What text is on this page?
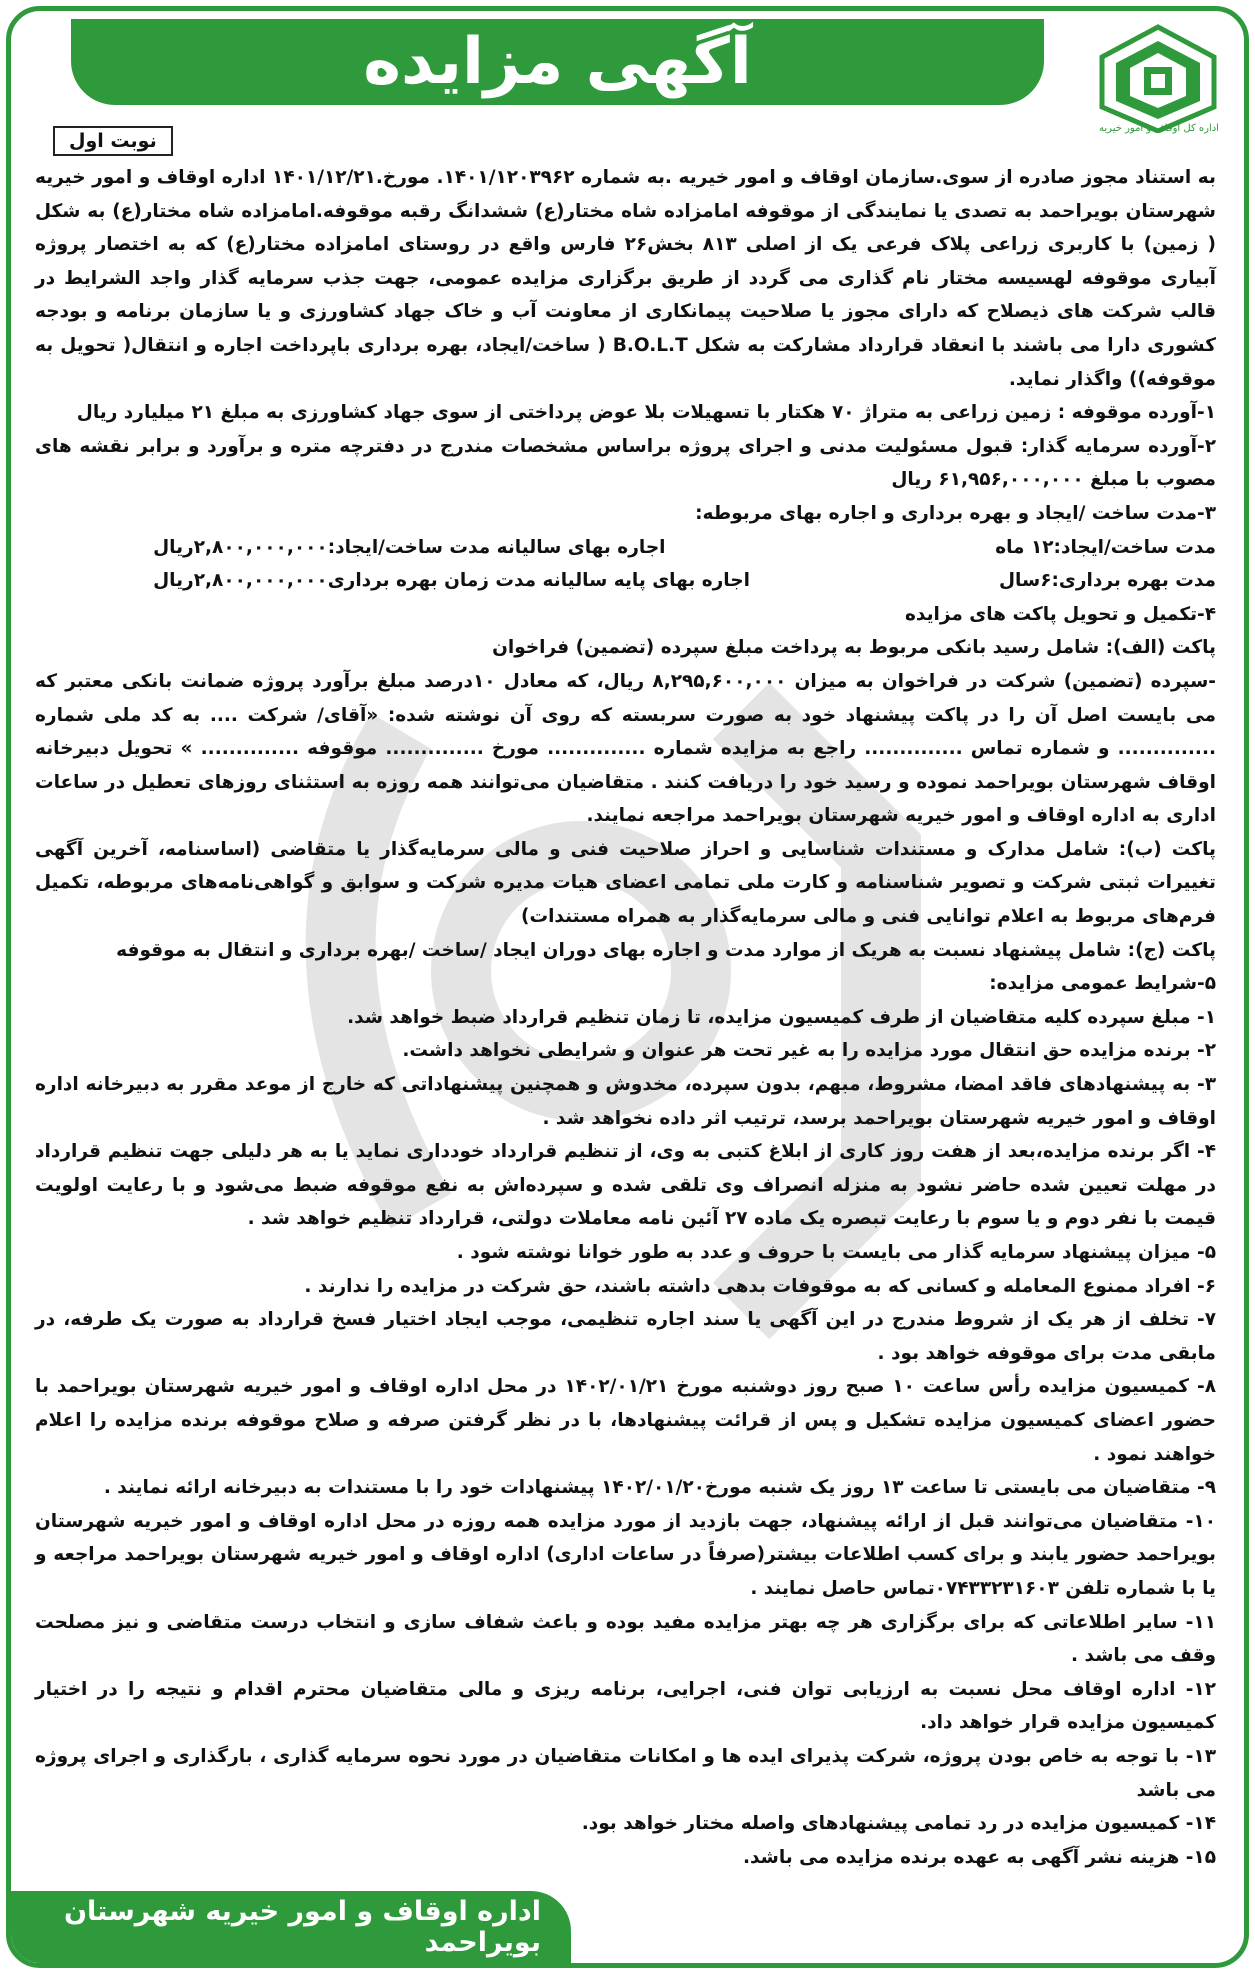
آگهی مزایده
اداره کل اوقاف و امور خیریه
نوبت اول

به استناد مجوز صادره از سوی.سازمان اوقاف و امور خیریه .به شماره ۱۴۰۱/۱۲۰۳۹۶۲. مورخ.۱۴۰۱/۱۲/۲۱ اداره اوقاف و امور خیریه شهرستان بویراحمد به تصدی یا نمایندگی از موقوفه امامزاده شاه مختار(ع) ششدانگ رقبه موقوفه.امامزاده شاه مختار(ع) به شکل ( زمین) با کاربری زراعی پلاک فرعی یک از اصلی ۸۱۳ بخش۲۶ فارس واقع در روستای امامزاده مختار(ع) که به اختصار پروژه آبیاری موقوفه لهسیسه مختار نام گذاری می گردد از طریق برگزاری مزایده عمومی، جهت جذب سرمایه گذار واجد الشرایط در قالب شرکت های ذیصلاح که دارای مجوز یا صلاحیت پیمانکاری از معاونت آب و خاک جهاد کشاورزی و یا سازمان برنامه و بودجه کشوری دارا می باشند با انعقاد قرارداد مشارکت به شکل B.O.L.T ( ساخت/ایجاد، بهره برداری باپرداخت اجاره و انتقال( تحویل به موقوفه)) واگذار نماید.

۱-آورده موقوفه : زمین زراعی به متراژ ۷۰ هکتار با تسهیلات بلا عوض پرداختی از سوی جهاد کشاورزی به مبلغ ۲۱ میلیارد ریال

۲-آورده سرمایه گذار: قبول مسئولیت مدنی و اجرای پروژه براساس مشخصات مندرج در دفترچه متره و برآورد و برابر نقشه های مصوب با مبلغ ۶۱,۹۵۶,۰۰۰,۰۰۰ ریال

۳-مدت ساخت /ایجاد و بهره برداری و اجاره بهای مربوطه:

مدت ساخت/ایجاد:۱۲ ماه
اجاره بهای سالیانه مدت ساخت/ایجاد:۲,۸۰۰,۰۰۰,۰۰۰ریال
مدت بهره برداری:۶سال
اجاره بهای پایه سالیانه مدت زمان بهره برداری۲,۸۰۰,۰۰۰,۰۰۰ریال

۴-تکمیل و تحویل پاکت های مزایده

پاکت (الف): شامل رسید بانکی مربوط به پرداخت مبلغ سپرده (تضمین) فراخوان

-سپرده (تضمین) شرکت در فراخوان به میزان ۸,۲۹۵,۶۰۰,۰۰۰ ریال، که معادل ۱۰درصد مبلغ برآورد پروژه ضمانت بانکی معتبر که می بایست اصل آن را در پاکت پیشنهاد خود به صورت سربسته که روی آن نوشته شده: «آقای/ شرکت .... به کد ملی شماره .............. و شماره تماس .............. راجع به مزایده شماره .............. مورخ .............. موقوفه .............. » تحویل دبیرخانه اوقاف شهرستان بویراحمد نموده و رسید خود را دریافت کنند . متقاضیان می‌توانند همه روزه به استثنای روزهای تعطیل در ساعات اداری به اداره اوقاف و امور خیریه شهرستان بویراحمد مراجعه نمایند.

پاکت (ب): شامل مدارک و مستندات شناسایی و احراز صلاحیت فنی و مالی سرمایه‌گذار یا متقاضی (اساسنامه، آخرین آگهی تغییرات ثبتی شرکت و تصویر شناسنامه و کارت ملی تمامی اعضای هیات مدیره شرکت و سوابق و گواهی‌نامه‌های مربوطه، تکمیل فرم‌های مربوط به اعلام توانایی فنی و مالی سرمایه‌گذار به همراه مستندات)

پاکت (ج): شامل پیشنهاد نسبت به هریک از موارد مدت و اجاره بهای دوران ایجاد /ساخت /بهره برداری و انتقال به موقوفه

۵-شرایط عمومی مزایده:

۱- مبلغ سپرده کلیه متقاضیان از طرف کمیسیون مزایده، تا زمان تنظیم قرارداد ضبط خواهد شد.

۲- برنده مزایده حق انتقال مورد مزایده را به غیر تحت هر عنوان و شرایطی نخواهد داشت.

۳- به پیشنهادهای فاقد امضا، مشروط، مبهم، بدون سپرده، مخدوش و همچنین پیشنهاداتی که خارج از موعد مقرر به دبیرخانه اداره اوقاف و امور خیریه شهرستان بویراحمد برسد، ترتیب اثر داده نخواهد شد .

۴- اگر برنده مزایده،بعد از هفت روز کاری از ابلاغ کتبی به وی، از تنظیم قرارداد خودداری نماید یا به هر دلیلی جهت تنظیم قرارداد در مهلت تعیین شده حاضر نشود به منزله انصراف وی تلقی شده و سپرده‌اش به نفع موقوفه ضبط می‌شود و با رعایت اولویت قیمت با نفر دوم و یا سوم با رعایت تبصره یک ماده ۲۷ آئین نامه معاملات دولتی، قرارداد تنظیم خواهد شد .

۵- میزان پیشنهاد سرمایه گذار می بایست با حروف و عدد به طور خوانا نوشته شود .

۶- افراد ممنوع المعامله و کسانی که به موقوفات بدهی داشته باشند، حق شرکت در مزایده را ندارند .

۷- تخلف از هر یک از شروط مندرج در این آگهی یا سند اجاره تنظیمی، موجب ایجاد اختیار فسخ قرارداد به صورت یک طرفه، در مابقی مدت برای موقوفه خواهد بود .

۸- کمیسیون مزایده رأس ساعت ۱۰ صبح روز دوشنبه مورخ ۱۴۰۲/۰۱/۲۱ در محل اداره اوقاف و امور خیریه شهرستان بویراحمد با حضور اعضای کمیسیون مزایده تشکیل و پس از قرائت پیشنهادها، با در نظر گرفتن صرفه و صلاح موقوفه برنده مزایده را اعلام خواهند نمود .

۹- متقاضیان می بایستی تا ساعت ۱۳ روز یک شنبه مورخ۱۴۰۲/۰۱/۲۰ پیشنهادات خود را با مستندات به دبیرخانه ارائه نمایند .

۱۰- متقاضیان می‌توانند قبل از ارائه پیشنهاد، جهت بازدید از مورد مزایده همه روزه در محل اداره اوقاف و امور خیریه شهرستان بویراحمد حضور یابند و برای کسب اطلاعات بیشتر(صرفاً در ساعات اداری) اداره اوقاف و امور خیریه شهرستان بویراحمد مراجعه و یا با شماره تلفن ۰۷۴۳۳۲۳۱۶۰۳تماس حاصل نمایند .

۱۱- سایر اطلاعاتی که برای برگزاری هر چه بهتر مزایده مفید بوده و باعث شفاف سازی و انتخاب درست متقاضی و نیز مصلحت وقف می باشد .

۱۲- اداره اوقاف محل نسبت به ارزیابی توان فنی، اجرایی، برنامه ریزی و مالی متقاضیان محترم اقدام و نتیجه را در اختیار کمیسیون مزایده قرار خواهد داد.

۱۳- با توجه به خاص بودن پروژه، شرکت پذیرای ایده ها و امکانات متقاضیان در مورد نحوه سرمایه گذاری ، بارگذاری و اجرای پروژه می باشد

۱۴- کمیسیون مزایده در رد تمامی پیشنهادهای واصله مختار خواهد بود.

۱۵- هزینه نشر آگهی به عهده برنده مزایده می باشد.

اداره اوقاف و امور خیریه شهرستان بویراحمد
